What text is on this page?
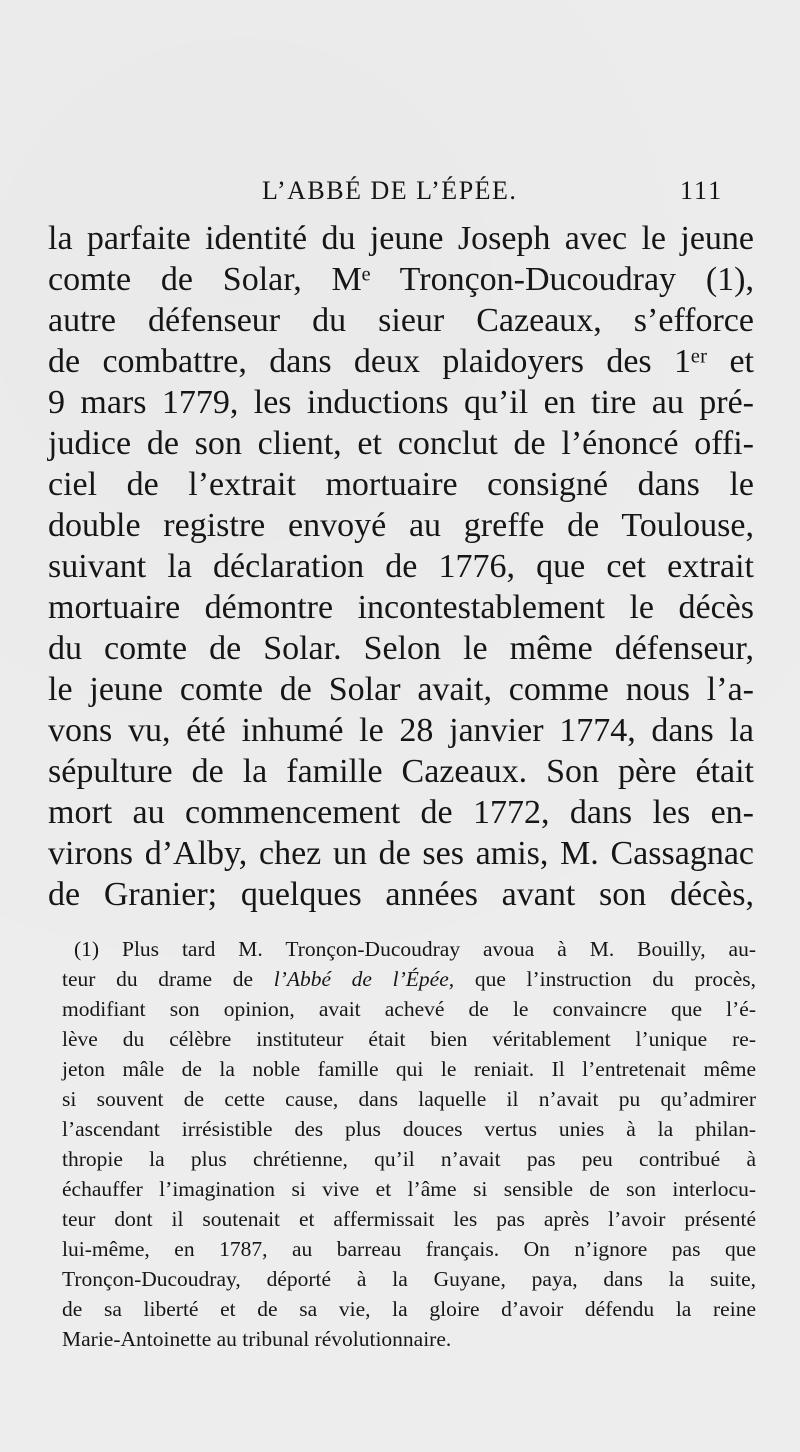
L’ABBÉ DE L’ÉPÉE.	111
la parfaite identité du jeune Joseph avec le jeune
comte de Solar, Mᵉ Tronçon-Ducoudray (1),
autre défenseur du sieur Cazeaux, s’efforce
de combattre, dans deux plaidoyers des 1ᵉʳ et
9 mars 1779, les inductions qu’il en tire au pré-
judice de son client, et conclut de l’énoncé offi-
ciel de l’extrait mortuaire consigné dans le
double registre envoyé au greffe de Toulouse,
suivant la déclaration de 1776, que cet extrait
mortuaire démontre incontestablement le décès
du comte de Solar. Selon le même défenseur,
le jeune comte de Solar avait, comme nous l’a-
vons vu, été inhumé le 28 janvier 1774, dans la
sépulture de la famille Cazeaux. Son père était
mort au commencement de 1772, dans les en-
virons d’Alby, chez un de ses amis, M. Cassagnac
de Granier; quelques années avant son décès,
(1) Plus tard M. Tronçon-Ducoudray avoua à M. Bouilly, au-
teur du drame de l’Abbé de l’Épée, que l’instruction du procès,
modifiant son opinion, avait achevé de le convaincre que l’é-
lève du célèbre instituteur était bien véritablement l’unique re-
jeton mâle de la noble famille qui le reniait. Il l’entretenait même
si souvent de cette cause, dans laquelle il n’avait pu qu’admirer
l’ascendant irrésistible des plus douces vertus unies à la philan-
thropie la plus chrétienne, qu’il n’avait pas peu contribué à
échauffer l’imagination si vive et l’âme si sensible de son interlocu-
teur dont il soutenait et affermissait les pas après l’avoir présenté
lui-même, en 1787, au barreau français. On n’ignore pas que
Tronçon-Ducoudray, déporté à la Guyane, paya, dans la suite,
de sa liberté et de sa vie, la gloire d’avoir défendu la reine
Marie-Antoinette au tribunal révolutionnaire.
